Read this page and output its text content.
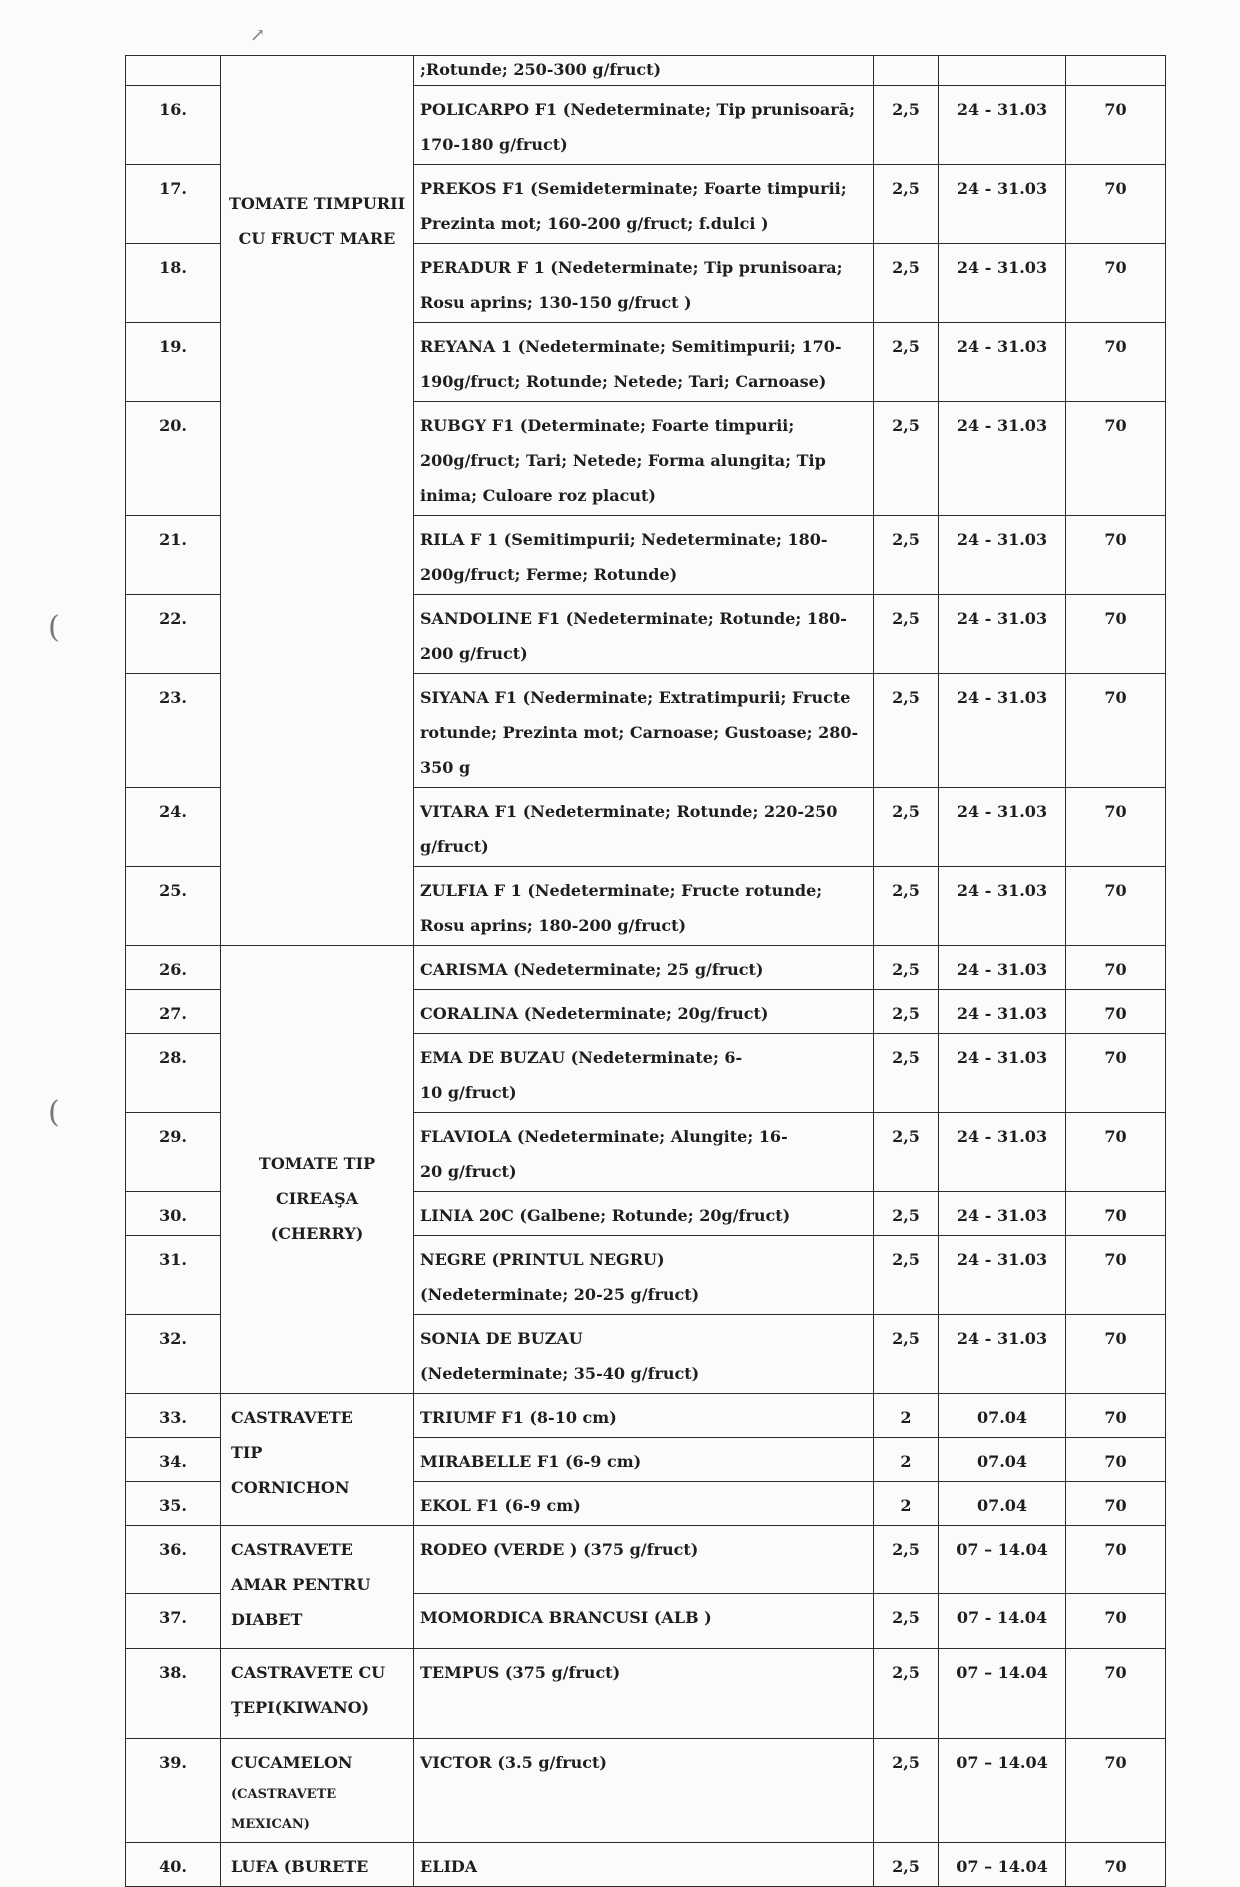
	TOMATE TIMPURII CU FRUCT MARE	;Rotunde; 250-300 g/fruct)			
16.		POLICARPO F1 (Nedeterminate; Tip prunisoarā; 170-180 g/fruct)	2,5	24 - 31.03	70
17.		PREKOS F1 (Semideterminate; Foarte timpurii; Prezinta mot; 160-200 g/fruct; f.dulci )	2,5	24 - 31.03	70
18.		PERADUR F 1 (Nedeterminate; Tip prunisoara; Rosu aprins; 130-150 g/fruct )	2,5	24 - 31.03	70
19.		REYANA 1 (Nedeterminate; Semitimpurii; 170-190g/fruct; Rotunde; Netede; Tari; Carnoase)	2,5	24 - 31.03	70
20.		RUBGY F1 (Determinate; Foarte timpurii; 200g/fruct; Tari; Netede; Forma alungita; Tip inima; Culoare roz placut)	2,5	24 - 31.03	70
21.		RILA F 1 (Semitimpurii; Nedeterminate; 180-200g/fruct; Ferme; Rotunde)	2,5	24 - 31.03	70
22.		SANDOLINE F1 (Nedeterminate; Rotunde; 180-200 g/fruct)	2,5	24 - 31.03	70
23.		SIYANA F1 (Nederminate; Extratimpurii; Fructe rotunde; Prezinta mot; Carnoase; Gustoase; 280-350 g	2,5	24 - 31.03	70
24.		VITARA F1 (Nedeterminate; Rotunde; 220-250 g/fruct)	2,5	24 - 31.03	70
25.		ZULFIA F 1 (Nedeterminate; Fructe rotunde; Rosu aprins; 180-200 g/fruct)	2,5	24 - 31.03	70
26.	TOMATE TIP CIREAŞA (CHERRY)	CARISMA (Nedeterminate; 25 g/fruct)	2,5	24 - 31.03	70
27.		CORALINA (Nedeterminate; 20g/fruct)	2,5	24 - 31.03	70
28.		EMA DE BUZAU (Nedeterminate; 6-10 g/fruct)	2,5	24 - 31.03	70
29.		FLAVIOLA (Nedeterminate; Alungite; 16-20 g/fruct)	2,5	24 - 31.03	70
30.		LINIA 20C (Galbene; Rotunde; 20g/fruct)	2,5	24 - 31.03	70
31.		NEGRE (PRINTUL NEGRU) (Nedeterminate; 20-25 g/fruct)	2,5	24 - 31.03	70
32.		SONIA DE BUZAU (Nedeterminate; 35-40 g/fruct)	2,5	24 - 31.03	70
33.	CASTRAVETE TIP CORNICHON	TRIUMF F1 (8-10 cm)	2	07.04	70
34.		MIRABELLE F1 (6-9 cm)	2	07.04	70
35.		EKOL F1 (6-9 cm)	2	07.04	70
36.	CASTRAVETE AMAR PENTRU DIABET	RODEO (VERDE ) (375 g/fruct)	2,5	07 – 14.04	70
37.		MOMORDICA BRANCUSI (ALB )	2,5	07 - 14.04	70
38.	CASTRAVETE CU ŢEPI(KIWANO)	TEMPUS (375 g/fruct)	2,5	07 – 14.04	70
39.	CUCAMELON
(CASTRAVETE MEXICAN)	VICTOR (3.5 g/fruct)	2,5	07 – 14.04	70
40.	LUFA (BURETE	ELIDA	2,5	07 – 14.04	70
↗
(
(
